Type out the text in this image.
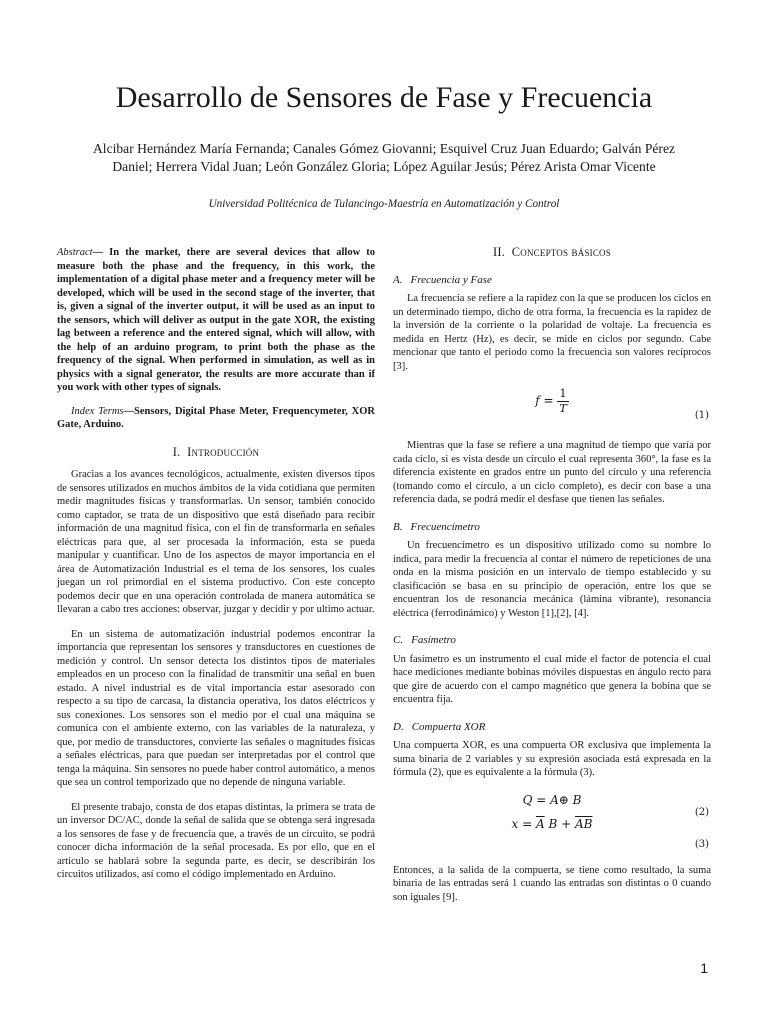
Desarrollo de Sensores de Fase y Frecuencia
Alcibar Hernández María Fernanda; Canales Gómez Giovanni; Esquivel Cruz Juan Eduardo; Galván Pérez Daniel; Herrera Vidal Juan; León González Gloria; López Aguilar Jesús; Pérez Arista Omar Vicente
Universidad Politécnica de Tulancingo-Maestría en Automatización y Control

Abstract— In the market, there are several devices that allow to measure both the phase and the frequency, in this work, the implementation of a digital phase meter and a frequency meter will be developed, which will be used in the second stage of the inverter, that is, given a signal of the inverter output, it will be used as an input to the sensors, which will deliver as output in the gate XOR, the existing lag between a reference and the entered signal, which will allow, with the help of an arduino program, to print both the phase as the frequency of the signal. When performed in simulation, as well as in physics with a signal generator, the results are more accurate than if you work with other types of signals.

Index Terms—Sensors, Digital Phase Meter, Frequencymeter, XOR Gate, Arduino.

I. Introducción

Gracias a los avances tecnológicos, actualmente, existen diversos tipos de sensores utilizados en muchos ámbitos de la vida cotidiana que permiten medir magnitudes físicas y transformarlas. Un sensor, también conocido como captador, se trata de un dispositivo que está diseñado para recibir información de una magnitud física, con el fin de transformarla en señales eléctricas para que, al ser procesada la información, esta se pueda manipular y cuantificar. Uno de los aspectos de mayor importancia en el área de Automatización Industrial es el tema de los sensores, los cuales juegan un rol primordial en el sistema productivo. Con este concepto podemos decir que en una operación controlada de manera automática se llevaran a cabo tres acciones: observar, juzgar y decidir y por ultimo actuar.

En un sistema de automatización industrial podemos encontrar la importancia que representan los sensores y transductores en cuestiones de medición y control. Un sensor detecta los distintos tipos de materiales empleados en un proceso con la finalidad de transmitir una señal en buen estado. A nivel industrial es de vital importancia estar asesorado con respecto a su tipo de carcasa, la distancia operativa, los datos eléctricos y sus conexiones. Los sensores son el medio por el cual una máquina se comunica con el ambiente externo, con las variables de la naturaleza, y que, por medio de transductores, convierte las señales o magnitudes físicas a señales eléctricas, para que puedan ser interpretadas por el control que tenga la máquina. Sin sensores no puede haber control automático, a menos que sea un control temporizado que no depende de ninguna variable.

El presente trabajo, consta de dos etapas distintas, la primera se trata de un inversor DC/AC, donde la señal de salida que se obtenga será ingresada a los sensores de fase y de frecuencia que, a través de un circuito, se podrá conocer dicha información de la señal procesada. Es por ello, que en el artículo se hablará sobre la segunda parte, es decir, se describirán los circuitos utilizados, así como el código implementado en Arduino.

II. Conceptos básicos
A. Frecuencia y Fase

La frecuencia se refiere a la rapidez con la que se producen los ciclos en un determinado tiempo, dicho de otra forma, la frecuencia es la rapidez de la inversión de la corriente o la polaridad de voltaje. La frecuencia es medida en Hertz (Hz), es decir, se mide en ciclos por segundo. Cabe mencionar que tanto el periodo como la frecuencia son valores recíprocos [3].

$f = \frac{1}{T}$
(1)

Mientras que la fase se refiere a una magnitud de tiempo que varía por cada ciclo, si es vista desde un círculo el cual representa 360°, la fase es la diferencia existente en grados entre un punto del círculo y una referencia (tomando como el círculo, a un ciclo completo), es decir con base a una referencia dada, se podrá medir el desfase que tienen las señales.

B. Frecuencímetro

Un frecuencímetro es un dispositivo utilizado como su nombre lo indica, para medir la frecuencia al contar el número de repeticiones de una onda en la misma posición en un intervalo de tiempo establecido y su clasificación se basa en su principio de operación, entre los que se encuentran los de resonancia mecánica (lámina vibrante), resonancia eléctrica (ferrodinámico) y Weston [1],[2], [4].

C. Fasímetro

Un fasímetro es un instrumento el cual mide el factor de potencia el cual hace mediciones mediante bobinas móviles dispuestas en ángulo recto para que gire de acuerdo con el campo magnético que genera la bobina que se encuentra fija.

D. Compuerta XOR

Una compuerta XOR, es una compuerta OR exclusiva que implementa la suma binaria de 2 variables y su expresión asociada está expresada en la fórmula (2), que es equivalente a la fórmula (3).

Q = A⊕ B
(2)
$x = \overline{A}$ $B + \overline{AB}$
(3)

Entonces, a la salida de la compuerta, se tiene como resultado, la suma binaria de las entradas será 1 cuando las entradas son distintas o 0 cuando son iguales [9].

1
